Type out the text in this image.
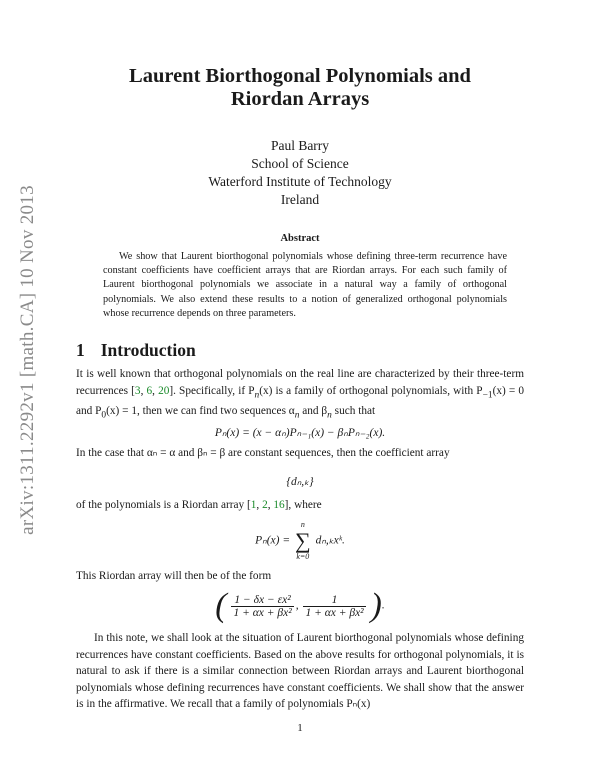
arXiv:1311.2292v1 [math.CA] 10 Nov 2013
Laurent Biorthogonal Polynomials and
Riordan Arrays
Paul Barry
School of Science
Waterford Institute of Technology
Ireland
Abstract
We show that Laurent biorthogonal polynomials whose defining three-term recurrence have constant coefficients have coefficient arrays that are Riordan arrays. For each such family of Laurent biorthogonal polynomials we associate in a natural way a family of orthogonal polynomials. We also extend these results to a notion of generalized orthogonal polynomials whose recurrence depends on three parameters.
1 Introduction
It is well known that orthogonal polynomials on the real line are characterized by their three-term recurrences [3, 6, 20]. Specifically, if $P_n(x)$ is a family of orthogonal polynomials, with $P_{-1}(x) = 0$ and $P_0(x) = 1$, then we can find two sequences $\alpha_n$ and $\beta_n$ such that
Pₙ(x) = (x − αₙ)Pₙ₋₁(x) − βₙPₙ₋₂(x).
In the case that αₙ = α and βₙ = β are constant sequences, then the coefficient array
{dₙ,ₖ}
of the polynomials is a Riordan array [1, 2, 16], where
Pₙ(x) =
n
∑
k=0
dₙ,ₖxᵏ.
This Riordan array will then be of the form
( $\frac{\text{1 − δx − εx²}}{\text{1 + αx + βx²}}$ , $\frac{1}{\text{1 + αx + βx²}}$ ).
In this note, we shall look at the situation of Laurent biorthogonal polynomials whose defining recurrences have constant coefficients. Based on the above results for orthogonal polynomials, it is natural to ask if there is a similar connection between Riordan arrays and Laurent biorthogonal polynomials whose defining recurrences have constant coefficients. We shall show that the answer is in the affirmative. We recall that a family of polynomials Pₙ(x)
1
